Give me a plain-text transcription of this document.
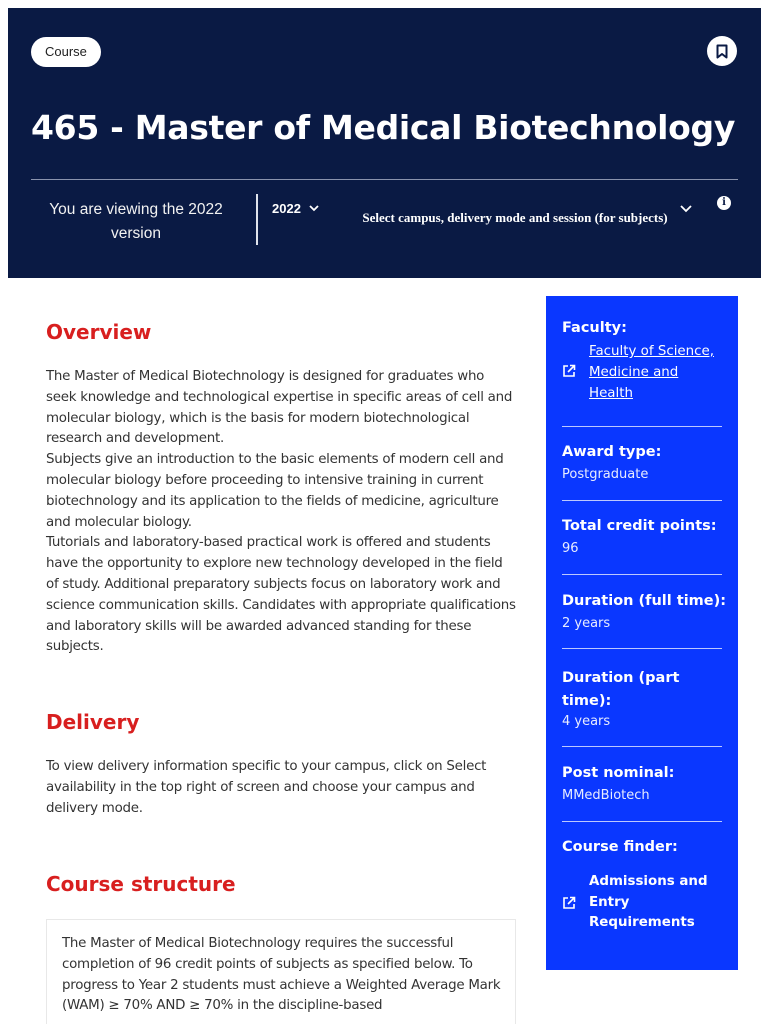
Course
465 - Master of Medical Biotechnology
You are viewing the 2022 version
2022
Select campus, delivery mode and session (for subjects)
i
Overview
The Master of Medical Biotechnology is designed for graduates who seek knowledge and technological expertise in specific areas of cell and molecular biology, which is the basis for modern biotechnological research and development.
Subjects give an introduction to the basic elements of modern cell and molecular biology before proceeding to intensive training in current biotechnology and its application to the fields of medicine, agriculture and molecular biology.
Tutorials and laboratory-based practical work is offered and students have the opportunity to explore new technology developed in the field of study. Additional preparatory subjects focus on laboratory work and science communication skills. Candidates with appropriate qualifications and laboratory skills will be awarded advanced standing for these subjects.
Delivery
To view delivery information specific to your campus, click on Select availability in the top right of screen and choose your campus and delivery mode.
Course structure
The Master of Medical Biotechnology requires the successful completion of 96 credit points of subjects as specified below. To progress to Year 2 students must achieve a Weighted Average Mark (WAM) ≥ 70% AND ≥ 70% in the discipline-based
Faculty:
Faculty of Science, Medicine and Health
Award type:
Postgraduate
Total credit points:
96
Duration (full time):
2 years
Duration (part time):
4 years
Post nominal:
MMedBiotech
Course finder:
Admissions and Entry Requirements
